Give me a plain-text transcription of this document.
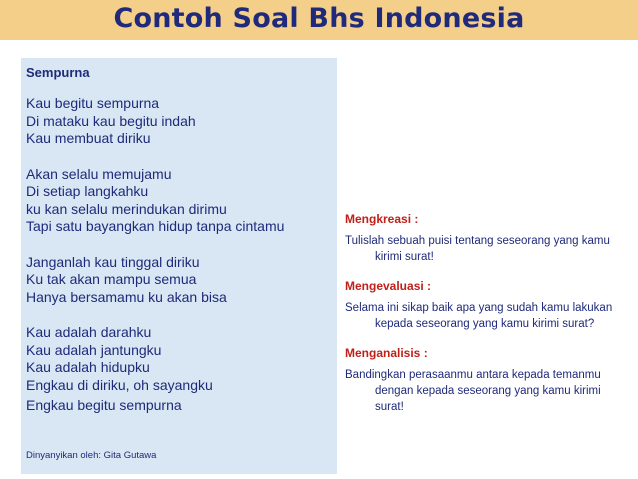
Contoh Soal Bhs Indonesia
Sempurna
Kau begitu sempurna
Di mataku kau begitu indah
Kau membuat diriku
Akan selalu memujamu
Di setiap langkahku
ku kan selalu merindukan dirimu
Tapi satu bayangkan hidup tanpa cintamu
Janganlah kau tinggal diriku
Ku tak akan mampu semua
Hanya bersamamu ku akan bisa
Kau adalah darahku
Kau adalah jantungku
Kau adalah hidupku
Engkau di diriku, oh sayangku
Engkau begitu sempurna
Dinyanyikan oleh: Gita Gutawa
Mengkreasi :

Tulislah sebuah puisi tentang seseorang yang kamu kirimi surat!

Mengevaluasi :

Selama ini sikap baik apa yang sudah kamu lakukan kepada seseorang yang kamu kirimi surat?

Menganalisis :

Bandingkan perasaanmu antara kepada temanmu dengan kepada seseorang yang kamu kirimi surat!
